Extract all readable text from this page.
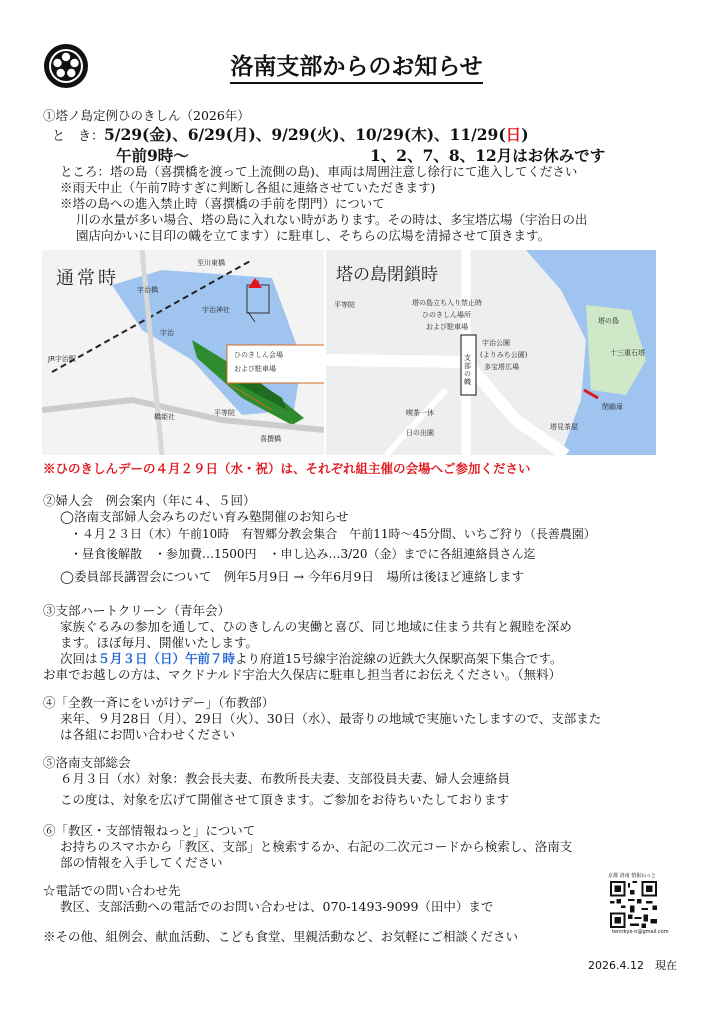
洛南支部からのお知らせ
①塔ノ島定例ひのきしん（2026年）
と　き：5/29(金)、6/29(月)、9/29(火)、10/29(木)、11/29(日)
午前9時〜	1、2、7、8、12月はお休みです
ところ：塔の島（喜撰橋を渡って上流側の島)、車両は周囲注意し徐行にて進入してください
※雨天中止（午前7時すぎに判断し各組に連絡させていただきます)
※塔の島への進入禁止時（喜撰橋の手前を閉門）について
川の水量が多い場合、塔の島に入れない時があります。その時は、多宝塔広場（宇治日の出
園店向かいに目印の幟を立てます）に駐車し、そちらの広場を清掃させて頂きます。
通常時	N
至川東橋
宇治橋
宇治
宇治神社
JR宇治駅
橋姫社	平等院
喜撰橋
ひのきしん会場
および駐車場
塔の島閉鎖時
平等院	塔の島立ち入り禁止時
ひのきしん場所
および駐車場
宇治公園
(よりみち公園)
多宝塔広場
支部の幟
喫茶一休
日の出園
塔の島
閉鎖扉
塔見茶屋
十三重石塔
※ひのきしんデーの４月２９日（水・祝）は、それぞれ組主催の会場へご参加ください
②婦人会　例会案内（年に４、５回）
◯洛南支部婦人会みちのだい育み塾開催のお知らせ
・４月２３日（木）午前10時　有智郷分教会集合　午前11時〜45分間、いちご狩り（長善農園）
・昼食後解散　・参加費…1500円　・申し込み…3/20（金）までに各組連絡員さん迄
◯委員部長講習会について　例年5月9日 → 今年6月9日　場所は後ほど連絡します
③支部ハートクリーン（青年会）
家族ぐるみの参加を通して、ひのきしんの実働と喜び、同じ地域に住まう共有と親睦を深め
ます。ほぼ毎月、開催いたします。
次回は５月３日（日）午前７時より府道15号線宇治淀線の近鉄大久保駅高架下集合です。
お車でお越しの方は、マクドナルド宇治大久保店に駐車し担当者にお伝えください。（無料）
④「全教一斉にをいがけデー」（布教部）
来年、９月28日（月）、29日（火）、30日（水）、最寄りの地域で実施いたしますので、支部また
は各組にお問い合わせください
⑤洛南支部総会
６月３日（水）対象：教会長夫妻、布教所長夫妻、支部役員夫妻、婦人会連絡員
この度は、対象を広げて開催させて頂きます。ご参加をお待ちいたしております
⑥「教区・支部情報ねっと」について
お持ちのスマホから「教区、支部」と検索するか、右記の二次元コードから検索し、洛南支
部の情報を入手してください
京都 洛南 情報ねっと
tenrikyo-n@gmail.com
☆電話での問い合わせ先
教区、支部活動への電話でのお問い合わせは、070-1493-9099（田中）まで
※その他、組例会、献血活動、こども食堂、里親活動など、お気軽にご相談ください
2026.4.12　現在
